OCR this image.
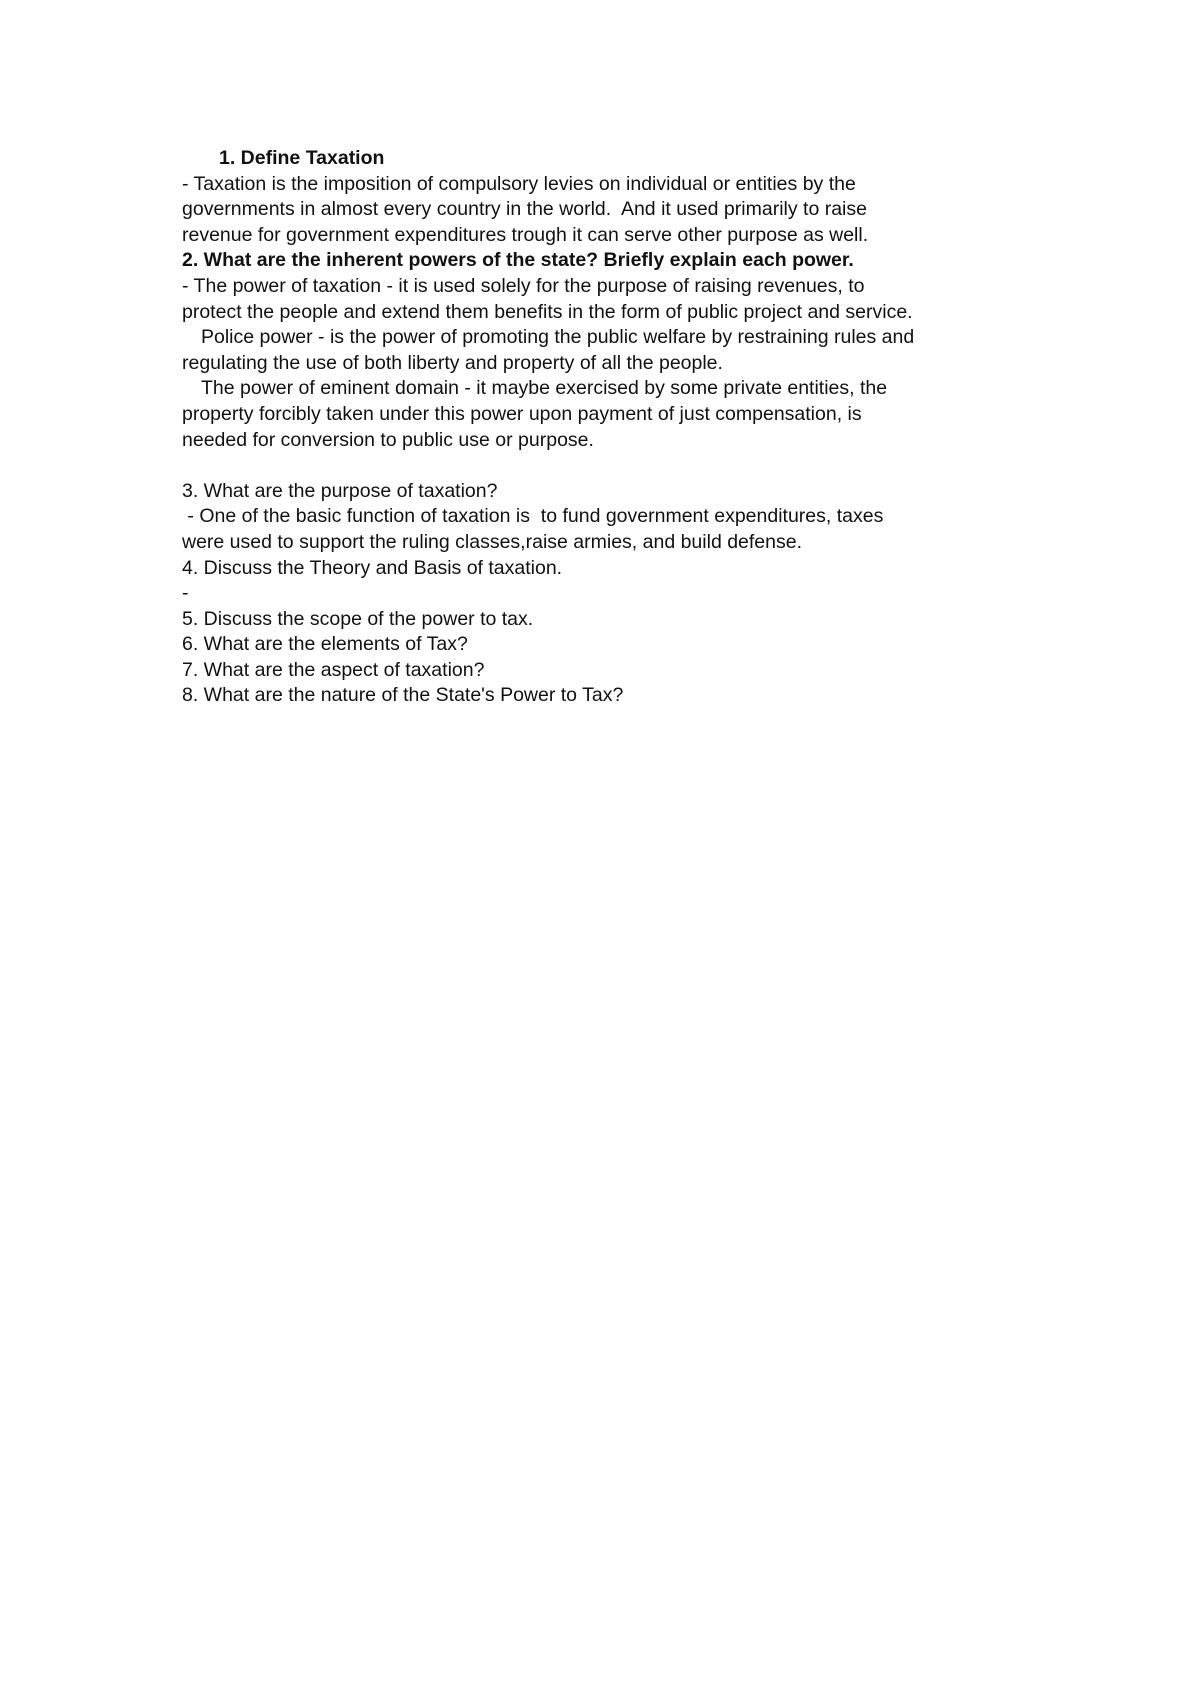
1. Define Taxation
- Taxation is the imposition of compulsory levies on individual or entities by the
governments in almost every country in the world.  And it used primarily to raise
revenue for government expenditures trough it can serve other purpose as well.
2. What are the inherent powers of the state? Briefly explain each power.
- The power of taxation - it is used solely for the purpose of raising revenues, to
protect the people and extend them benefits in the form of public project and service.
Police power - is the power of promoting the public welfare by restraining rules and
regulating the use of both liberty and property of all the people.
The power of eminent domain - it maybe exercised by some private entities, the
property forcibly taken under this power upon payment of just compensation, is
needed for conversion to public use or purpose.
3. What are the purpose of taxation?
- One of the basic function of taxation is  to fund government expenditures, taxes
were used to support the ruling classes,raise armies, and build defense.
4. Discuss the Theory and Basis of taxation.
-
5. Discuss the scope of the power to tax.
6. What are the elements of Tax?
7. What are the aspect of taxation?
8. What are the nature of the State's Power to Tax?
